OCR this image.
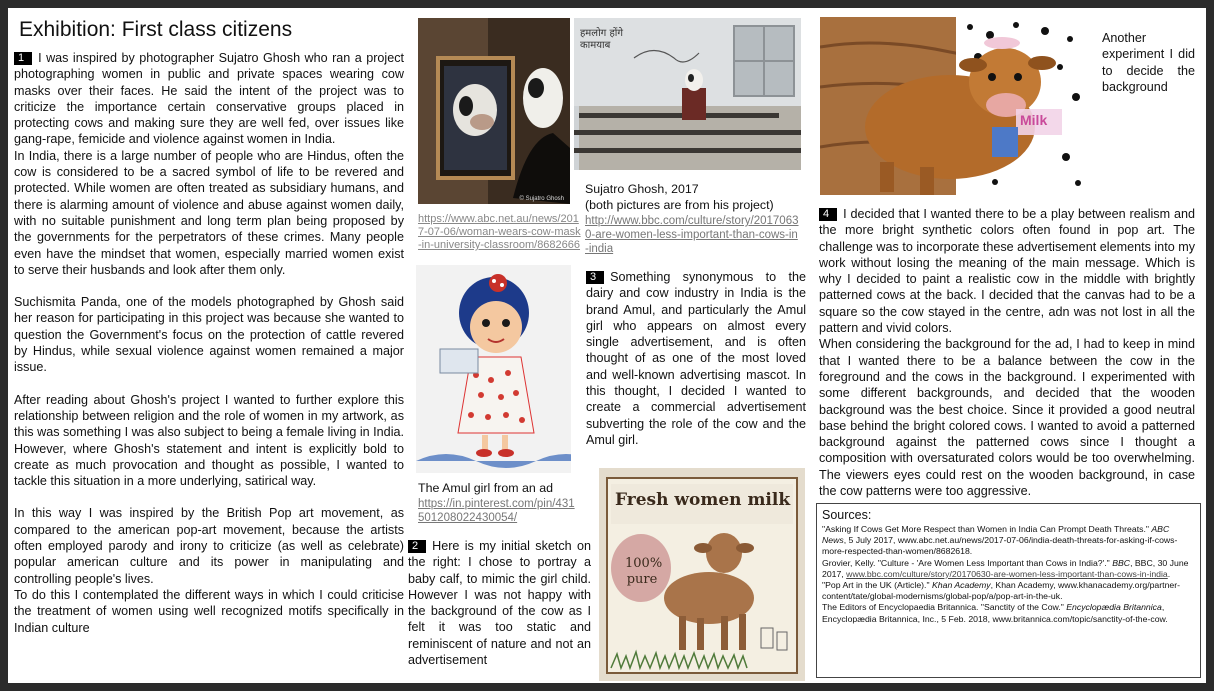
Exhibition: First class citizens

1 I was inspired by photographer Sujatro Ghosh who ran a project photographing women in public and private spaces wearing cow masks over their faces. He said the intent of the project was to criticize the importance certain conservative groups placed in protecting cows and making sure they are well fed, over issues like gang-rape, femicide and violence against women in India.

In India, there is a large number of people who are Hindus, often the cow is considered to be a sacred symbol of life to be revered and protected. While women are often treated as subsidiary humans, and there is alarming amount of violence and abuse against women daily, with no suitable punishment and long term plan being proposed by the governments for the perpetrators of these crimes. Many people even have the mindset that women, especially married women exist to serve their husbands and look after them only.

Suchismita Panda, one of the models photographed by Ghosh said her reason for participating in this project was because she wanted to question the Government's focus on the protection of cattle revered by Hindus, while sexual violence against women remained a major issue.

After reading about Ghosh's project I wanted to further explore this relationship between religion and the role of women in my artwork, as this was something I was also subject to being a female living in India. However, where Ghosh's statement and intent is explicitly bold to create as much provocation and thought as possible, I wanted to tackle this situation in a more underlying, satirical way.

In this way I was inspired by the British Pop art movement, as compared to the american pop-art movement, because the artists often employed parody and irony to criticize (as well as celebrate) popular american culture and its power in manipulating and controlling people's lives.

To do this I contemplated the different ways in which I could criticise the treatment of women using well recognized motifs specifically in Indian culture

© Sujatro Ghosh
https://www.abc.net.au/news/2017-07-06/woman-wears-cow-mask-in-university-classroom/8682666
हमलोग होंगे कामयाब
Sujatro Ghosh, 2017
(both pictures are from his project)
http://www.bbc.com/culture/story/20170630-are-women-less-important-than-cows-in-india
The Amul girl from an ad
https://in.pinterest.com/pin/431501208022430054/

2 Here is my initial sketch on the right: I chose to portray a baby calf, to mimic the girl child. However I was not happy with the background of the cow as I felt it was too static and reminiscent of nature and not an advertisement

3 Something synonymous to the dairy and cow industry in India is the brand Amul, and particularly the Amul girl who appears on almost every single advertisement, and is often thought of as one of the most loved and well-known advertising mascot. In this thought, I decided I wanted to create a commercial advertisement subverting the role of the cow and the Amul girl.

Fresh women milk
100% pure
Milk
Another experiment I did to decide the background

4 I decided that I wanted there to be a play between realism and the more bright synthetic colors often found in pop art. The challenge was to incorporate these advertisement elements into my work without losing the meaning of the main message. Which is why I decided to paint a realistic cow in the middle with brightly patterned cows at the back. I decided that the canvas had to be a square so the cow stayed in the centre, adn was not lost in all the pattern and vivid colors.

When considering the background for the ad, I had to keep in mind that I wanted there to be a balance between the cow in the foreground and the cows in the background. I experimented with some different backgrounds, and decided that the wooden background was the best choice. Since it provided a good neutral base behind the bright colored cows. I wanted to avoid a patterned background against the patterned cows since I thought a composition with oversaturated colors would be too overwhelming. The viewers eyes could rest on the wooden background, in case the cow patterns were too aggressive.

Sources:

"Asking If Cows Get More Respect than Women in India Can Prompt Death Threats." ABC News, 5 July 2017, www.abc.net.au/news/2017-07-06/india-death-threats-for-asking-if-cows-more-respected-than-women/8682618.

Grovier, Kelly. "Culture - 'Are Women Less Important than Cows in India?'." BBC, BBC, 30 June 2017, www.bbc.com/culture/story/20170630-are-women-less-important-than-cows-in-india.

"Pop Art in the UK (Article)." Khan Academy, Khan Academy, www.khanacademy.org/partner-content/tate/global-modernisms/global-pop/a/pop-art-in-the-uk.

The Editors of Encyclopaedia Britannica. "Sanctity of the Cow." Encyclopædia Britannica, Encyclopædia Britannica, Inc., 5 Feb. 2018, www.britannica.com/topic/sanctity-of-the-cow.
